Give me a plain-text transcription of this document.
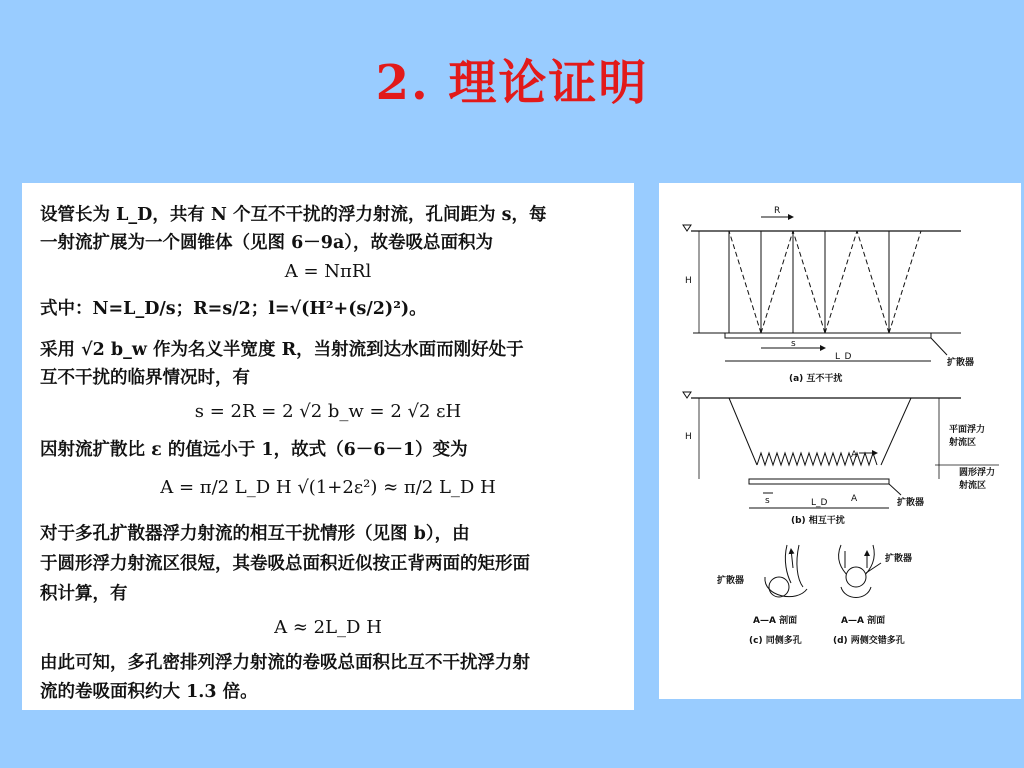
2. 理论证明
设管长为 L_D，共有 N 个互不干扰的浮力射流，孔间距为 s，每
一射流扩展为一个圆锥体（见图 6－9a），故卷吸总面积为
A = NπRl
式中：N=L_D/s；R=s/2；l=√(H²+(s/2)²)。
采用 √2 b_w 作为名义半宽度 R，当射流到达水面而刚好处于
互不干扰的临界情况时，有
s = 2R = 2 √2 b_w = 2 √2 εH
因射流扩散比 ε 的值远小于 1，故式（6－6－1）变为
A = π/2 L_D H √(1+2ε²) ≈ π/2 L_D H
对于多孔扩散器浮力射流的相互干扰情形（见图 b），由
于圆形浮力射流区很短，其卷吸总面积近似按正背两面的矩形面
积计算，有
A ≈ 2L_D H
由此可知，多孔密排列浮力射流的卷吸总面积比互不干扰浮力射
流的卷吸面积约大 1.3 倍。
H
R
s
L_D
扩散器
(a) 互不干扰
H
A
s	L_D	A	扩散器
平面浮力
射流区
圆形浮力
射流区
(b) 相互干扰
扩散器
A—A 剖面
(c) 同侧多孔
扩散器
A—A 剖面
(d) 两侧交错多孔
